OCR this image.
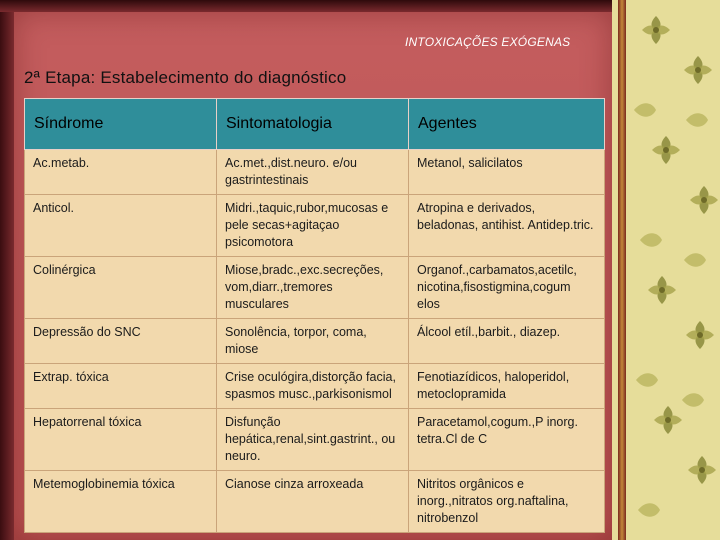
INTOXICAÇÕES EXÓGENAS
2ª Etapa: Estabelecimento do diagnóstico
Síndrome	Sintomatologia	Agentes
Ac.metab.	Ac.met.,dist.neuro. e/ou gastrintestinais	Metanol, salicilatos
Anticol.	Midri.,taquic,rubor,mucosas e pele secas+agitaçao psicomotora	Atropina e derivados, beladonas, antihist. Antidep.tric.
Colinérgica	Miose,bradc.,exc.secreções, vom,diarr.,tremores musculares	Organof.,carbamatos,acetilc, nicotina,fisostigmina,cogum elos
Depressão do SNC	Sonolência, torpor, coma, miose	Álcool etíl.,barbit., diazep.
Extrap. tóxica	Crise oculógira,distorção facia, spasmos musc.,parkisonismol	Fenotiazídicos, haloperidol, metoclopramida
Hepatorrenal tóxica	Disfunção hepática,renal,sint.gastrint., ou neuro.	Paracetamol,cogum.,P inorg. tetra.Cl de C
Metemoglobinemia tóxica	Cianose cinza arroxeada	Nitritos orgânicos e inorg.,nitratos org.naftalina, nitrobenzol
